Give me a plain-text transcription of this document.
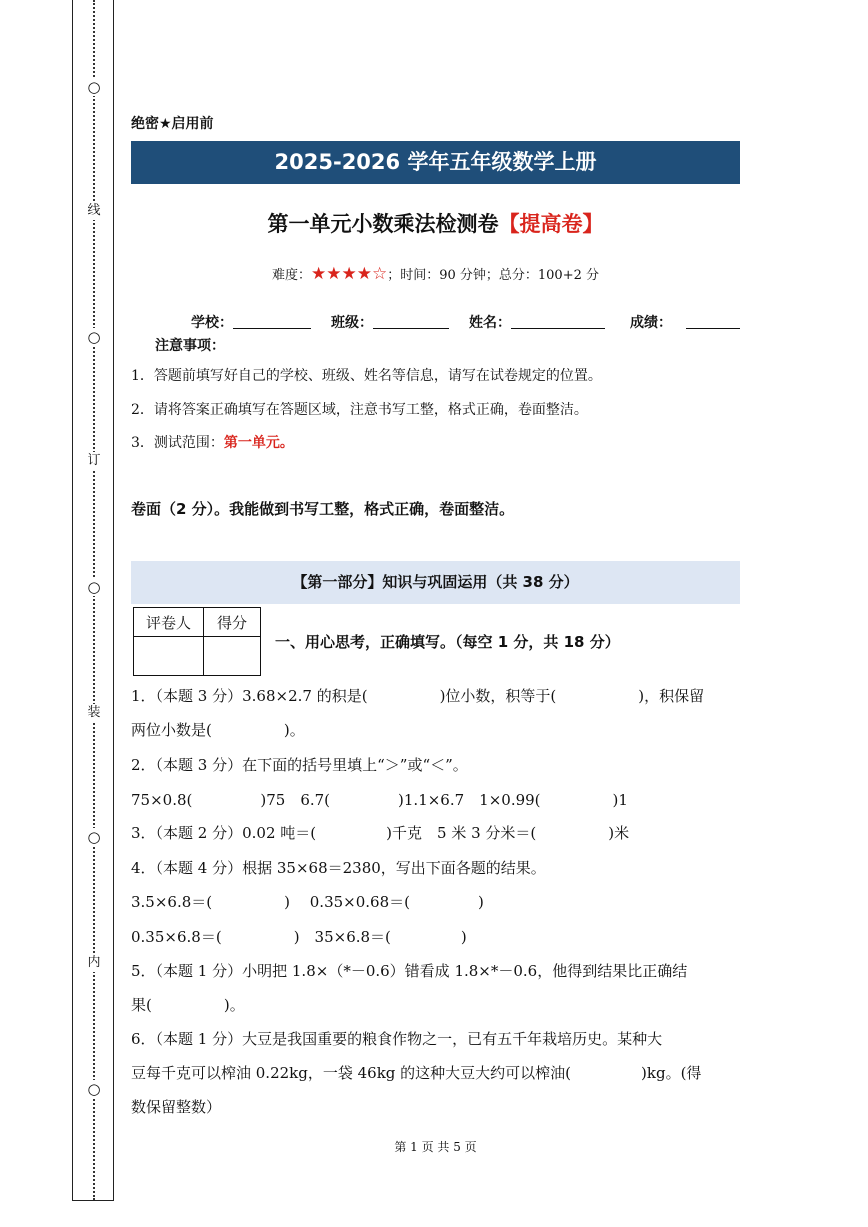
○
线
○
订
○
装
○
内
○
绝密★启用前
2025-2026 学年五年级数学上册
第一单元小数乘法检测卷【提高卷】
难度：★★★★☆；时间：90 分钟；总分：100+2 分
学校：	班级：	姓名：	成绩：
注意事项：
1．答题前填写好自己的学校、班级、姓名等信息，请写在试卷规定的位置。
2．请将答案正确填写在答题区域，注意书写工整，格式正确，卷面整洁。
3．测试范围：第一单元。
卷面（2 分）。我能做到书写工整，格式正确，卷面整洁。
【第一部分】知识与巩固运用（共 38 分）
评卷人	得分

一、用心思考，正确填写。（每空 1 分，共 18 分）
1．（本题 3 分）3.68×2.7 的积是(	)位小数，积等于(	)，积保留
两位小数是(	)。
2．（本题 3 分）在下面的括号里填上“＞”或“＜”。
75×0.8(	)75　6.7(	)1.1×6.7　1×0.99(	)1
3．（本题 2 分）0.02 吨＝(	)千克　5 米 3 分米＝(	)米
4．（本题 4 分）根据 35×68＝2380，写出下面各题的结果。
3.5×6.8＝(	)　 0.35×0.68＝(	)
0.35×6.8＝(	)　35×6.8＝(	)
5．（本题 1 分）小明把 1.8×（*－0.6）错看成 1.8×*－0.6，他得到结果比正确结
果(	)。
6．（本题 1 分）大豆是我国重要的粮食作物之一，已有五千年栽培历史。某种大
豆每千克可以榨油 0.22kg，一袋 46kg 的这种大豆大约可以榨油(	)kg。(得
数保留整数）
第 1 页 共 5 页
